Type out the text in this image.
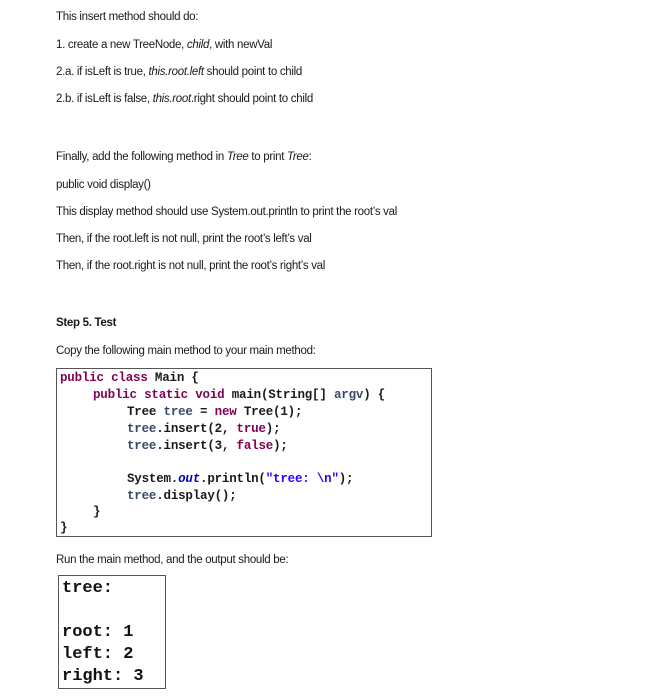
This insert method should do:
1. create a new TreeNode, child, with newVal
2.a. if isLeft is true, this.root.left should point to child
2.b. if isLeft is false, this.root.right should point to child
Finally, add the following method in Tree to print Tree:
public void display()
This display method should use System.out.println to print the root’s val
Then, if the root.left is not null, print the root’s left’s val
Then, if the root.right is not null, print the root’s right’s val
Step 5. Test
Copy the following main method to your main method:
public class Main {
public static void main(String[] argv) {
Tree tree = new Tree(1);
tree.insert(2, true);
tree.insert(3, false);
System.out.println("tree: \n");
tree.display();
}
}
Run the main method, and the output should be:
tree:
root: 1
left: 2
right: 3
